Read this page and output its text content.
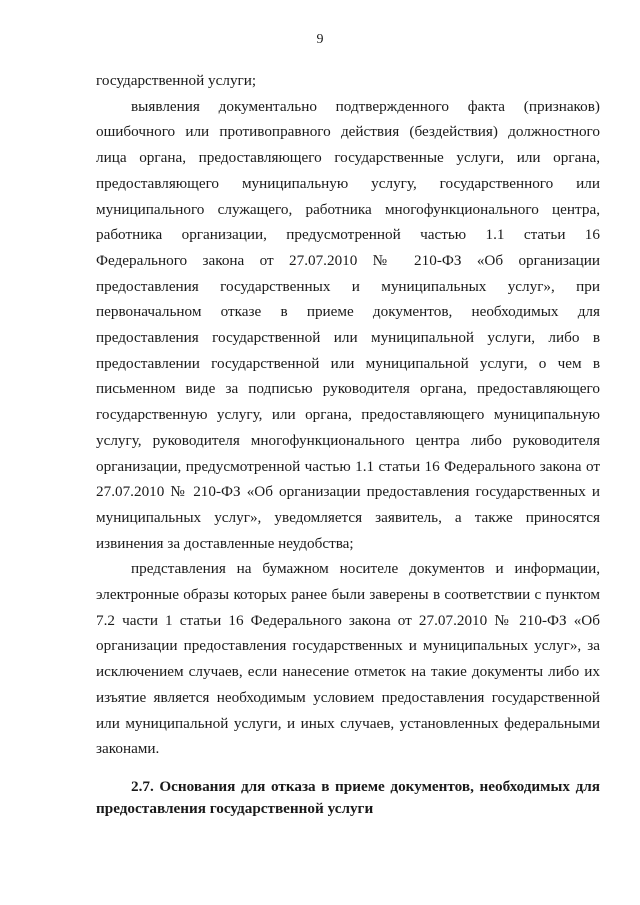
9

государственной услуги;

выявления документально подтвержденного факта (признаков) ошибочного или противоправного действия (бездействия) должностного лица органа, предоставляющего государственные услуги, или органа, предоставляющего муниципальную услугу, государственного или муниципального служащего, работника многофункционального центра, работника организации, предусмотренной частью 1.1 статьи 16 Федерального закона от 27.07.2010 № 210-ФЗ «Об организации предоставления государственных и муниципальных услуг», при первоначальном отказе в приеме документов, необходимых для предоставления государственной или муниципальной услуги, либо в предоставлении государственной или муниципальной услуги, о чем в письменном виде за подписью руководителя органа, предоставляющего государственную услугу, или органа, предоставляющего муниципальную услугу, руководителя многофункционального центра либо руководителя организации, предусмотренной частью 1.1 статьи 16 Федерального закона от 27.07.2010 № 210-ФЗ «Об организации предоставления государственных и муниципальных услуг», уведомляется заявитель, а также приносятся извинения за доставленные неудобства;

представления на бумажном носителе документов и информации, электронные образы которых ранее были заверены в соответствии с пунктом 7.2 части 1 статьи 16 Федерального закона от 27.07.2010 № 210-ФЗ «Об организации предоставления государственных и муниципальных услуг», за исключением случаев, если нанесение отметок на такие документы либо их изъятие является необходимым условием предоставления государственной или муниципальной услуги, и иных случаев, установленных федеральными законами.

2.7. Основания для отказа в приеме документов, необходимых для предоставления государственной услуги
